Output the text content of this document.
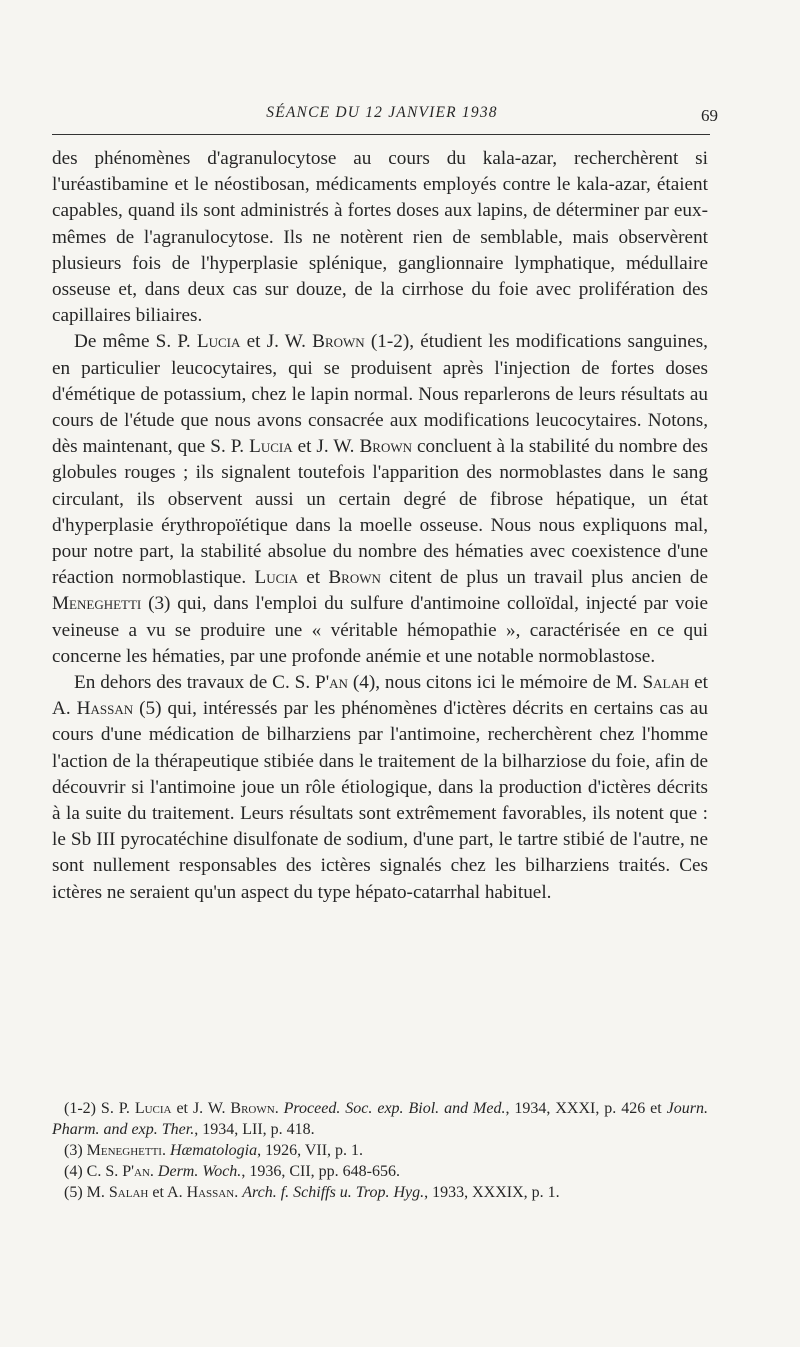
SÉANCE DU 12 JANVIER 1938	69

des phénomènes d'agranulocytose au cours du kala-azar, recherchèrent si l'uréastibamine et le néostibosan, médicaments employés contre le kala-azar, étaient capables, quand ils sont administrés à fortes doses aux lapins, de déterminer par eux-mêmes de l'agranulocytose. Ils ne notèrent rien de semblable, mais observèrent plusieurs fois de l'hyperplasie splénique, ganglionnaire lymphatique, médullaire osseuse et, dans deux cas sur douze, de la cirrhose du foie avec prolifération des capillaires biliaires.

De même S. P. Lucia et J. W. Brown (1-2), étudient les modifications sanguines, en particulier leucocytaires, qui se produisent après l'injection de fortes doses d'émétique de potassium, chez le lapin normal. Nous reparlerons de leurs résultats au cours de l'étude que nous avons consacrée aux modifications leucocytaires. Notons, dès maintenant, que S. P. Lucia et J. W. Brown concluent à la stabilité du nombre des globules rouges ; ils signalent toutefois l'apparition des normoblastes dans le sang circulant, ils observent aussi un certain degré de fibrose hépatique, un état d'hyperplasie érythropoïétique dans la moelle osseuse. Nous nous expliquons mal, pour notre part, la stabilité absolue du nombre des hématies avec coexistence d'une réaction normoblastique. Lucia et Brown citent de plus un travail plus ancien de Meneghetti (3) qui, dans l'emploi du sulfure d'antimoine colloïdal, injecté par voie veineuse a vu se produire une « véritable hémopathie », caractérisée en ce qui concerne les hématies, par une profonde anémie et une notable normoblastose.

En dehors des travaux de C. S. P'an (4), nous citons ici le mémoire de M. Salah et A. Hassan (5) qui, intéressés par les phénomènes d'ictères décrits en certains cas au cours d'une médication de bilharziens par l'antimoine, recherchèrent chez l'homme l'action de la thérapeutique stibiée dans le traitement de la bilharziose du foie, afin de découvrir si l'antimoine joue un rôle étiologique, dans la production d'ictères décrits à la suite du traitement. Leurs résultats sont extrêmement favorables, ils notent que : le Sb III pyrocatéchine disulfonate de sodium, d'une part, le tartre stibié de l'autre, ne sont nullement responsables des ictères signalés chez les bilharziens traités. Ces ictères ne seraient qu'un aspect du type hépato-catarrhal habituel.

(1-2) S. P. Lucia et J. W. Brown. Proceed. Soc. exp. Biol. and Med., 1934, XXXI, p. 426 et Journ. Pharm. and exp. Ther., 1934, LII, p. 418.

(3) Meneghetti. Hæmatologia, 1926, VII, p. 1.

(4) C. S. P'an. Derm. Woch., 1936, CII, pp. 648-656.

(5) M. Salah et A. Hassan. Arch. f. Schiffs u. Trop. Hyg., 1933, XXXIX, p. 1.
